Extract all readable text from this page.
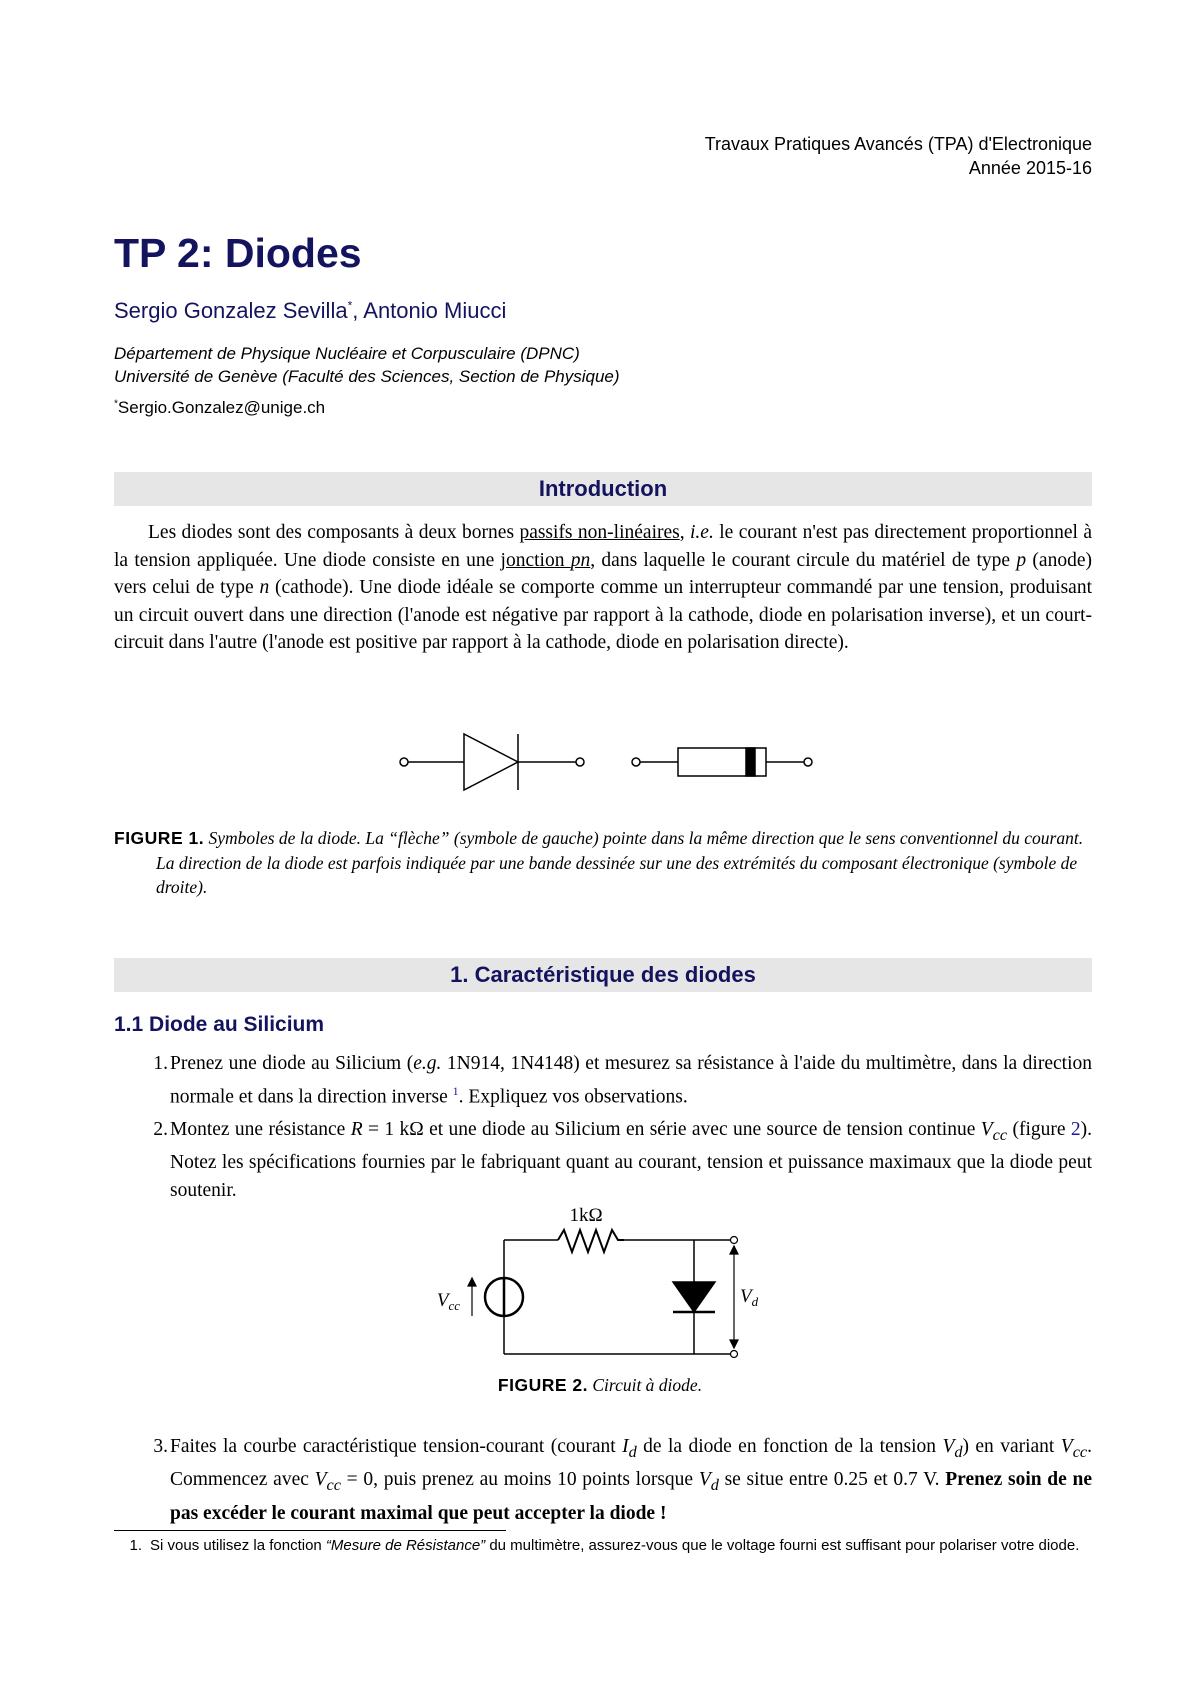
Travaux Pratiques Avancés (TPA) d'Electronique
Année 2015-16
TP 2: Diodes
Sergio Gonzalez Sevilla*, Antonio Miucci
Département de Physique Nucléaire et Corpusculaire (DPNC)
Université de Genève (Faculté des Sciences, Section de Physique)
*Sergio.Gonzalez@unige.ch
Introduction
Les diodes sont des composants à deux bornes passifs non-linéaires, i.e. le courant n'est pas directement proportionnel à la tension appliquée. Une diode consiste en une jonction pn, dans laquelle le courant circule du matériel de type p (anode) vers celui de type n (cathode). Une diode idéale se comporte comme un interrupteur commandé par une tension, produisant un circuit ouvert dans une direction (l'anode est négative par rapport à la cathode, diode en polarisation inverse), et un court-circuit dans l'autre (l'anode est positive par rapport à la cathode, diode en polarisation directe).
FIGURE 1. Symboles de la diode. La “flèche” (symbole de gauche) pointe dans la même direction que le sens conventionnel du courant. La direction de la diode est parfois indiquée par une bande dessinée sur une des extrémités du composant électronique (symbole de droite).
1. Caractéristique des diodes
1.1 Diode au Silicium
1. Prenez une diode au Silicium (e.g. 1N914, 1N4148) et mesurez sa résistance à l'aide du multimètre, dans la direction normale et dans la direction inverse $^1$. Expliquez vos observations.
2. Montez une résistance R = 1 kΩ et une diode au Silicium en série avec une source de tension continue $V_{cc}$ (figure 2). Notez les spécifications fournies par le fabriquant quant au courant, tension et puissance maximaux que la diode peut soutenir.
1kΩ
$V_{cc}$	$V_d$
FIGURE 2. Circuit à diode.
3. Faites la courbe caractéristique tension-courant (courant $I_d$ de la diode en fonction de la tension $V_d$) en variant $V_{cc}$. Commencez avec $V_{cc} = 0$, puis prenez au moins 10 points lorsque $V_d$ se situe entre 0.25 et 0.7 V. Prenez soin de ne pas excéder le courant maximal que peut accepter la diode !
1. Si vous utilisez la fonction “Mesure de Résistance” du multimètre, assurez-vous que le voltage fourni est suffisant pour polariser votre diode.
